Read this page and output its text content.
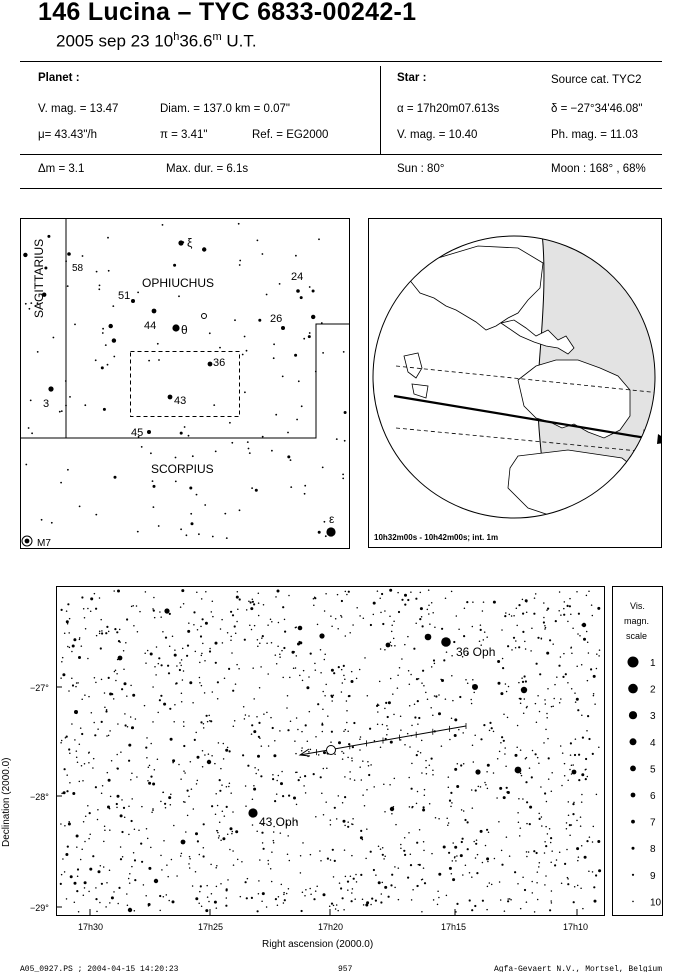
146 Lucina – TYC 6833-00242-1
2005 sep 23 10$^h$36.6$^m$ U.T.
Planet :
V. mag. = 13.47	Diam. = 137.0 km = 0.07"
μ= 43.43"/h	π = 3.41"	Ref. = EG2000
Star :	Source cat. TYC2
α = 17h20m07.613s	δ = −27°34'46.08"
V. mag. = 10.40	Ph. mag. = 11.03
Δm = 3.1	Max. dur. = 6.1s	Sun : 80°	Moon : 168° , 68%
SAGITTARIUS	OPHIUCHUS
SCORPIUS
58
51
44 θ
ξ
24
26
36
43
45
3
ε
M7
10h32m00s - 10h42m00s; int. 1m
36 Oph
43 Oph
−27°
−28°
−29°
17h30	17h25	17h20	17h15	17h10
Right ascension (2000.0)
Declination (2000.0)
Vis.
magn.
scale
1
2
3
4
5
6
7
8
9
10
A05_0927.PS ; 2004-04-15 14:20:23	957	Agfa-Gevaert N.V., Mortsel, Belgium
